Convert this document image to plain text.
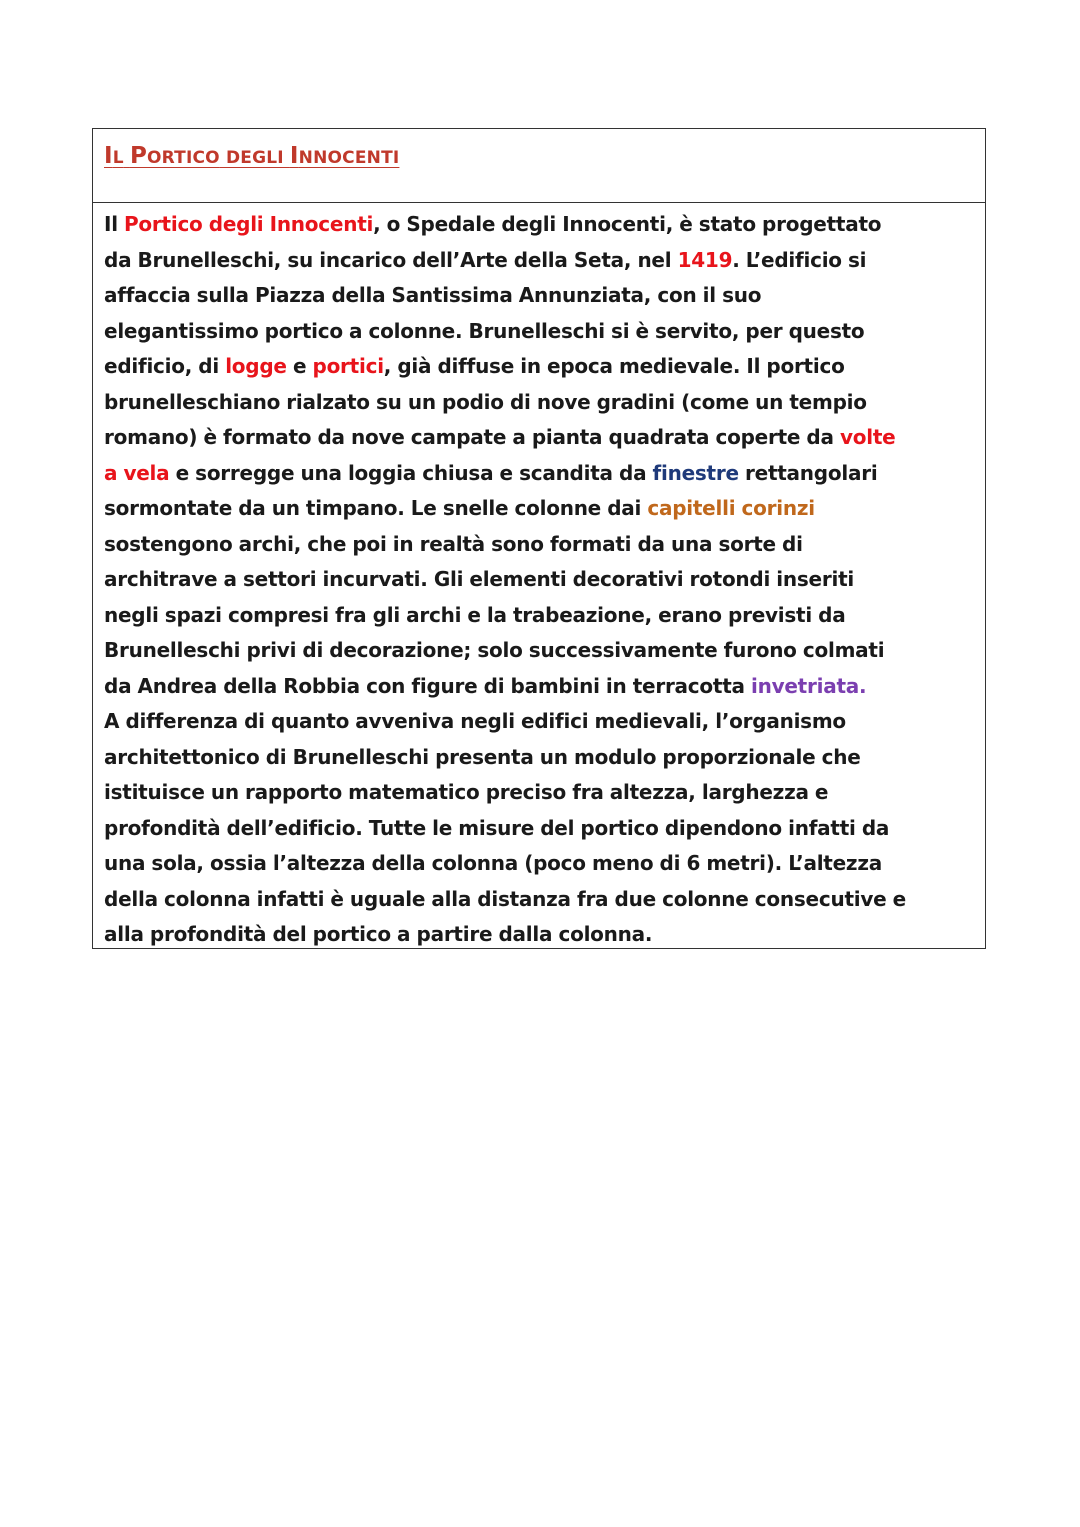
IL PORTICO DEGLI INNOCENTI
Il Portico degli Innocenti, o Spedale degli Innocenti, è stato progettato
da Brunelleschi, su incarico dell’Arte della Seta, nel 1419. L’edificio si
affaccia sulla Piazza della Santissima Annunziata, con il suo
elegantissimo portico a colonne. Brunelleschi si è servito, per questo
edificio, di logge e portici, già diffuse in epoca medievale. Il portico
brunelleschiano rialzato su un podio di nove gradini (come un tempio
romano) è formato da nove campate a pianta quadrata coperte da volte
a vela e sorregge una loggia chiusa e scandita da finestre rettangolari
sormontate da un timpano. Le snelle colonne dai capitelli corinzi
sostengono archi, che poi in realtà sono formati da una sorte di
architrave a settori incurvati. Gli elementi decorativi rotondi inseriti
negli spazi compresi fra gli archi e la trabeazione, erano previsti da
Brunelleschi privi di decorazione; solo successivamente furono colmati
da Andrea della Robbia con figure di bambini in terracotta invetriata.
A differenza di quanto avveniva negli edifici medievali, l’organismo
architettonico di Brunelleschi presenta un modulo proporzionale che
istituisce un rapporto matematico preciso fra altezza, larghezza e
profondità dell’edificio. Tutte le misure del portico dipendono infatti da
una sola, ossia l’altezza della colonna (poco meno di 6 metri). L’altezza
della colonna infatti è uguale alla distanza fra due colonne consecutive e
alla profondità del portico a partire dalla colonna.
